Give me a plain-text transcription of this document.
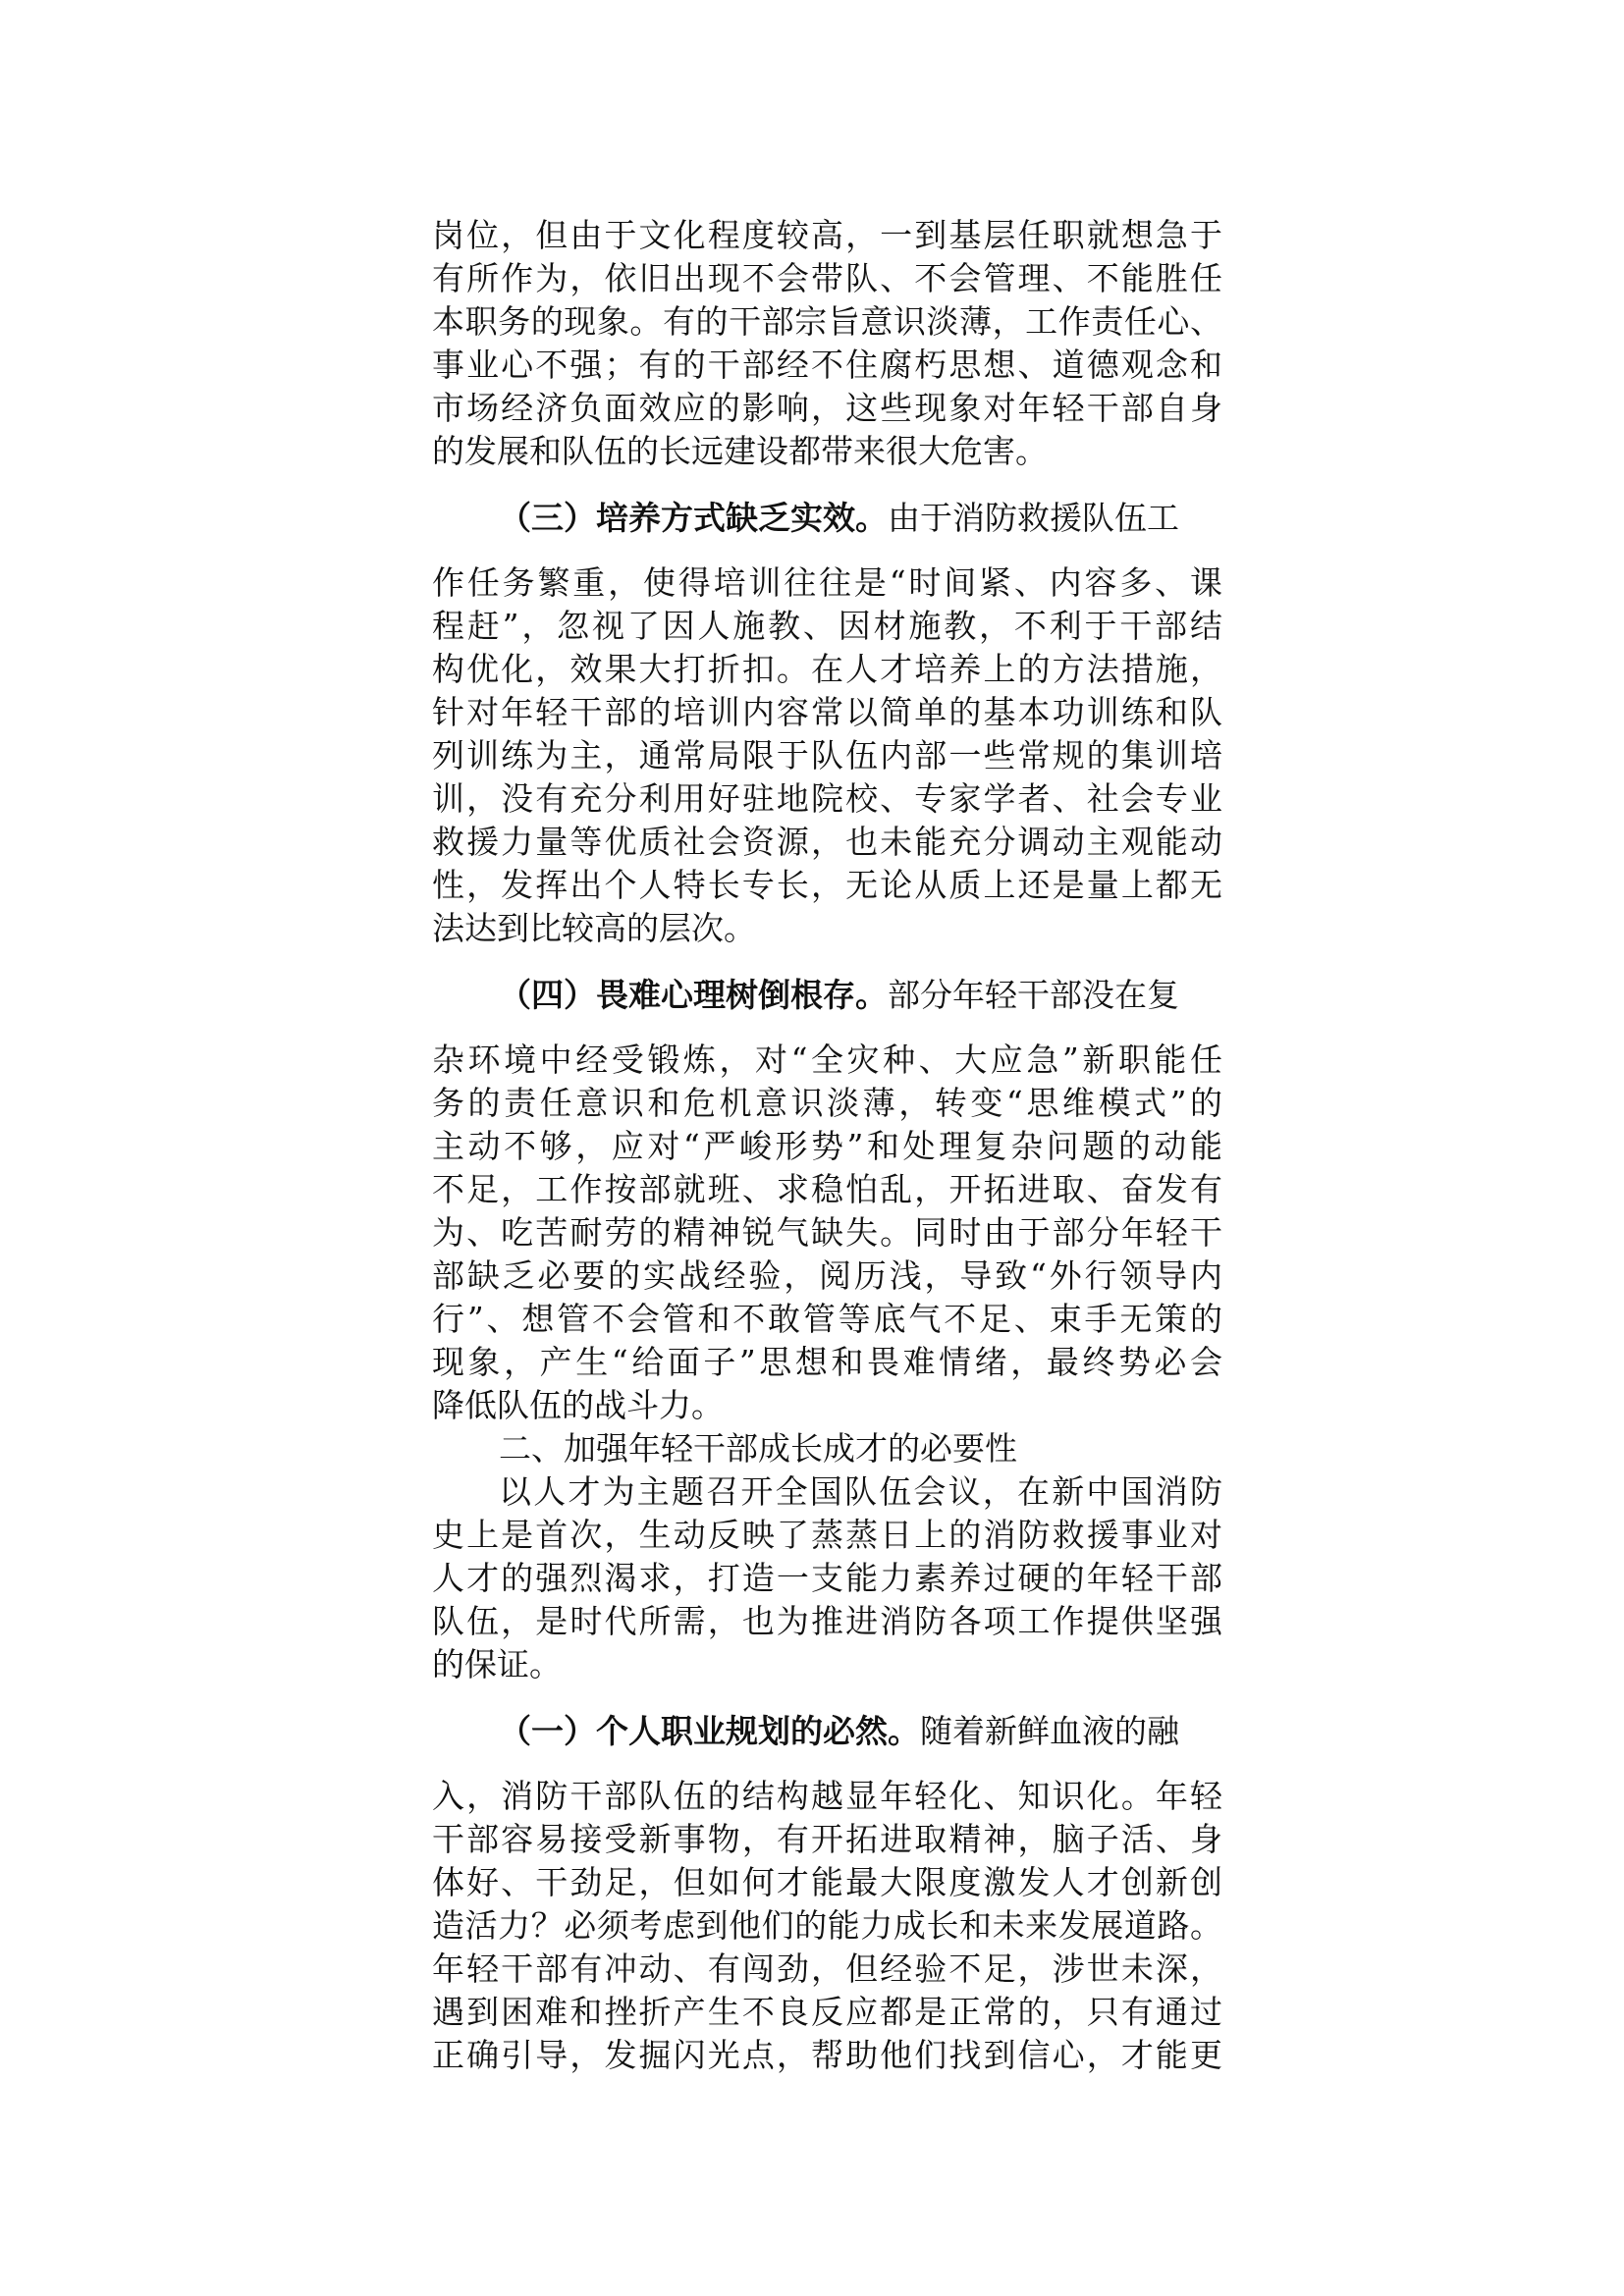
岗位，但由于文化程度较高，一到基层任职就想急于
有所作为，依旧出现不会带队、不会管理、不能胜任
本职务的现象。有的干部宗旨意识淡薄，工作责任心、
事业心不强；有的干部经不住腐朽思想、道德观念和
市场经济负面效应的影响，这些现象对年轻干部自身
的发展和队伍的长远建设都带来很大危害。
（三）培养方式缺乏实效。由于消防救援队伍工
作任务繁重，使得培训往往是“时间紧、内容多、课
程赶”，忽视了因人施教、因材施教，不利于干部结
构优化，效果大打折扣。在人才培养上的方法措施，
针对年轻干部的培训内容常以简单的基本功训练和队
列训练为主，通常局限于队伍内部一些常规的集训培
训，没有充分利用好驻地院校、专家学者、社会专业
救援力量等优质社会资源，也未能充分调动主观能动
性，发挥出个人特长专长，无论从质上还是量上都无
法达到比较高的层次。
（四）畏难心理树倒根存。部分年轻干部没在复
杂环境中经受锻炼，对“全灾种、大应急”新职能任
务的责任意识和危机意识淡薄，转变“思维模式”的
主动不够，应对“严峻形势”和处理复杂问题的动能
不足，工作按部就班、求稳怕乱，开拓进取、奋发有
为、吃苦耐劳的精神锐气缺失。同时由于部分年轻干
部缺乏必要的实战经验，阅历浅，导致“外行领导内
行”、想管不会管和不敢管等底气不足、束手无策的
现象，产生“给面子”思想和畏难情绪，最终势必会
降低队伍的战斗力。
二、加强年轻干部成长成才的必要性
以人才为主题召开全国队伍会议，在新中国消防
史上是首次，生动反映了蒸蒸日上的消防救援事业对
人才的强烈渴求，打造一支能力素养过硬的年轻干部
队伍，是时代所需，也为推进消防各项工作提供坚强
的保证。
（一）个人职业规划的必然。随着新鲜血液的融
入，消防干部队伍的结构越显年轻化、知识化。年轻
干部容易接受新事物，有开拓进取精神，脑子活、身
体好、干劲足，但如何才能最大限度激发人才创新创
造活力？必须考虑到他们的能力成长和未来发展道路。
年轻干部有冲动、有闯劲，但经验不足，涉世未深，
遇到困难和挫折产生不良反应都是正常的，只有通过
正确引导，发掘闪光点，帮助他们找到信心，才能更
